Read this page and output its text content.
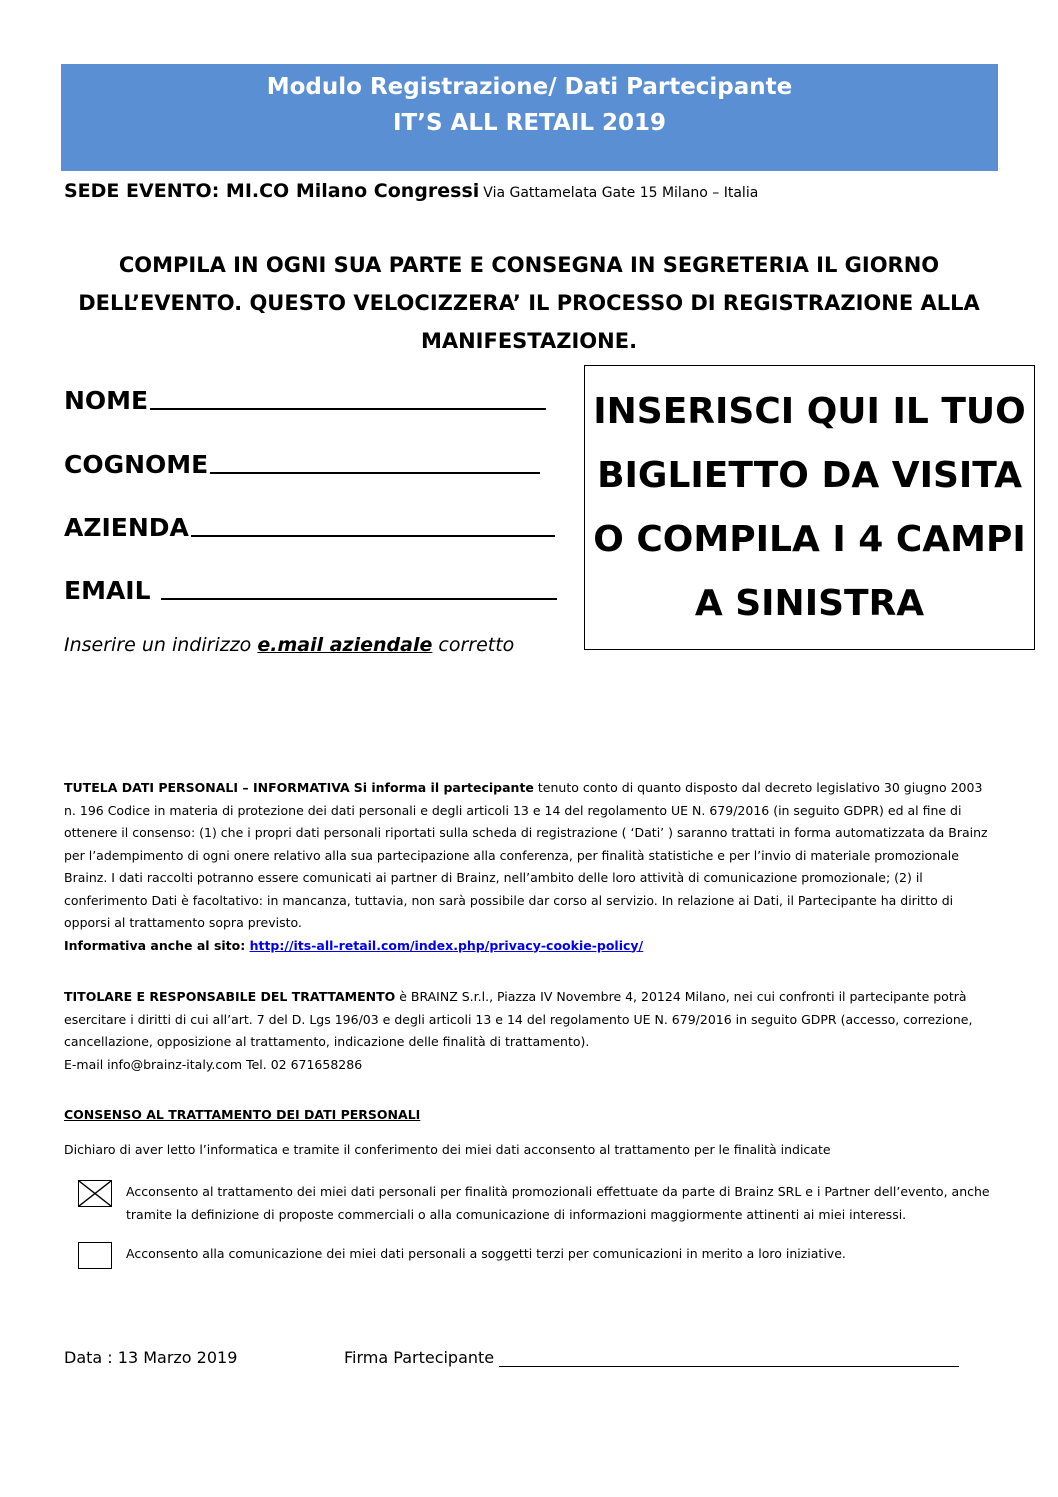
Modulo Registrazione/ Dati Partecipante
IT’S ALL RETAIL 2019
SEDE EVENTO: MI.CO Milano Congressi Via Gattamelata Gate 15 Milano – Italia
COMPILA IN OGNI SUA PARTE E CONSEGNA IN SEGRETERIA IL GIORNO
DELL’EVENTO. QUESTO VELOCIZZERA’ IL PROCESSO DI REGISTRAZIONE ALLA
MANIFESTAZIONE.
NOME
COGNOME
AZIENDA
EMAIL
Inserire un indirizzo e.mail aziendale corretto
INSERISCI QUI IL TUO
BIGLIETTO DA VISITA
O COMPILA I 4 CAMPI
A SINISTRA
TUTELA DATI PERSONALI – INFORMATIVA Si informa il partecipante tenuto conto di quanto disposto dal decreto legislativo 30 giugno 2003 n. 196 Codice in materia di protezione dei dati personali e degli articoli 13 e 14 del regolamento UE N. 679/2016 (in seguito GDPR) ed al fine di ottenere il consenso: (1) che i propri dati personali riportati sulla scheda di registrazione ( ‘Dati’ ) saranno trattati in forma automatizzata da Brainz per l’adempimento di ogni onere relativo alla sua partecipazione alla conferenza, per finalità statistiche e per l’invio di materiale promozionale Brainz. I dati raccolti potranno essere comunicati ai partner di Brainz, nell’ambito delle loro attività di comunicazione promozionale; (2) il conferimento Dati è facoltativo: in mancanza, tuttavia, non sarà possibile dar corso al servizio. In relazione ai Dati, il Partecipante ha diritto di opporsi al trattamento sopra previsto.
Informativa anche al sito: http://its-all-retail.com/index.php/privacy-cookie-policy/
TITOLARE E RESPONSABILE DEL TRATTAMENTO è BRAINZ S.r.l., Piazza IV Novembre 4, 20124 Milano, nei cui confronti il partecipante potrà esercitare i diritti di cui all’art. 7 del D. Lgs 196/03 e degli articoli 13 e 14 del regolamento UE N. 679/2016 in seguito GDPR (accesso, correzione, cancellazione, opposizione al trattamento, indicazione delle finalità di trattamento).
E-mail info@brainz-italy.com Tel. 02 671658286
CONSENSO AL TRATTAMENTO DEI DATI PERSONALI
Dichiaro di aver letto l’informatica e tramite il conferimento dei miei dati acconsento al trattamento per le finalità indicate
Acconsento al trattamento dei miei dati personali per finalità promozionali effettuate da parte di Brainz SRL e i Partner dell’evento, anche tramite la definizione di proposte commerciali o alla comunicazione di informazioni maggiormente attinenti ai miei interessi.
Acconsento alla comunicazione dei miei dati personali a soggetti terzi per comunicazioni in merito a loro iniziative.
Data : 13 Marzo 2019	Firma Partecipante
